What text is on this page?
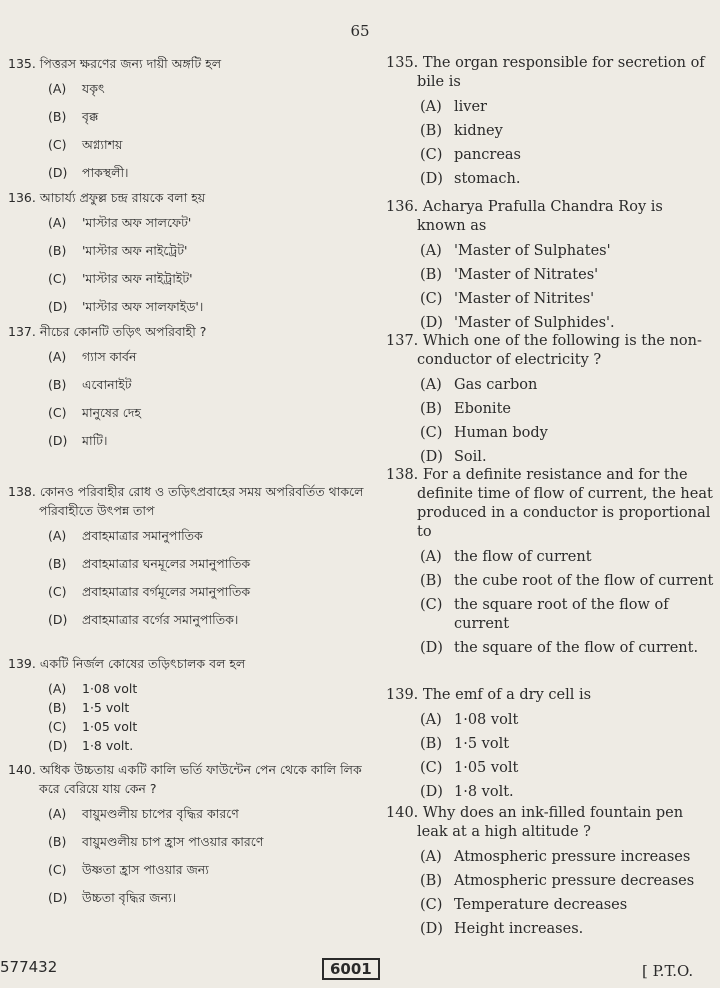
65
135. পিত্তরস ক্ষরণের জন্য দায়ী অঙ্গটি হল
(A)	যকৃৎ
(B)	বৃক্ক
(C)	অগ্ন্যাশয়
(D)	পাকস্থলী।
136. আচার্য্য প্রফুল্ল চন্দ্র রায়কে বলা হয়
(A)	'মাস্টার অফ সালফেট'
(B)	'মাস্টার অফ নাইট্রেট'
(C)	'মাস্টার অফ নাইট্রাইট'
(D)	'মাস্টার অফ সালফাইড'।
137. নীচের কোনটি তড়িৎ অপরিবাহী ?
(A)	গ্যাস কার্বন
(B)	এবোনাইট
(C)	মানুষের দেহ
(D)	মাটি।
138. কোনও পরিবাহীর রোধ ও তড়িৎপ্রবাহের সময় অপরিবর্তিত থাকলে পরিবাহীতে উৎপন্ন তাপ
(A)	প্রবাহমাত্রার সমানুপাতিক
(B)	প্রবাহমাত্রার ঘনমূলের সমানুপাতিক
(C)	প্রবাহমাত্রার বর্গমূলের সমানুপাতিক
(D)	প্রবাহমাত্রার বর্গের সমানুপাতিক।
139. একটি নির্জল কোষের তড়িৎচালক বল হল
(A)	1·08 volt
(B)	1·5 volt
(C)	1·05 volt
(D)	1·8 volt.
140. অধিক উচ্চতায় একটি কালি ভর্তি ফাউন্টেন পেন থেকে কালি লিক করে বেরিয়ে যায় কেন ?
(A)	বায়ুমণ্ডলীয় চাপের বৃদ্ধির কারণে
(B)	বায়ুমণ্ডলীয় চাপ হ্রাস পাওয়ার কারণে
(C)	উষ্ণতা হ্রাস পাওয়ার জন্য
(D)	উচ্চতা বৃদ্ধির জন্য।
135. The organ responsible for secretion of bile is
(A) liver
(B) kidney
(C) pancreas
(D) stomach.
136. Acharya Prafulla Chandra Roy is known as
(A) 'Master of Sulphates'
(B) 'Master of Nitrates'
(C) 'Master of Nitrites'
(D) 'Master of Sulphides'.
137. Which one of the following is the non-conductor of electricity ?
(A) Gas carbon
(B) Ebonite
(C) Human body
(D) Soil.
138. For a definite resistance and for the definite time of flow of current, the heat produced in a conductor is proportional to
(A) the flow of current
(B) the cube root of the flow of current
(C) the square root of the flow of current
(D) the square of the flow of current.
139. The emf of a dry cell is
(A) 1·08 volt
(B) 1·5 volt
(C) 1·05 volt
(D) 1·8 volt.
140. Why does an ink-filled fountain pen leak at a high altitude ?
(A) Atmospheric pressure increases
(B) Atmospheric pressure decreases
(C) Temperature decreases
(D) Height increases.
577432	6001	[ P.T.O.
